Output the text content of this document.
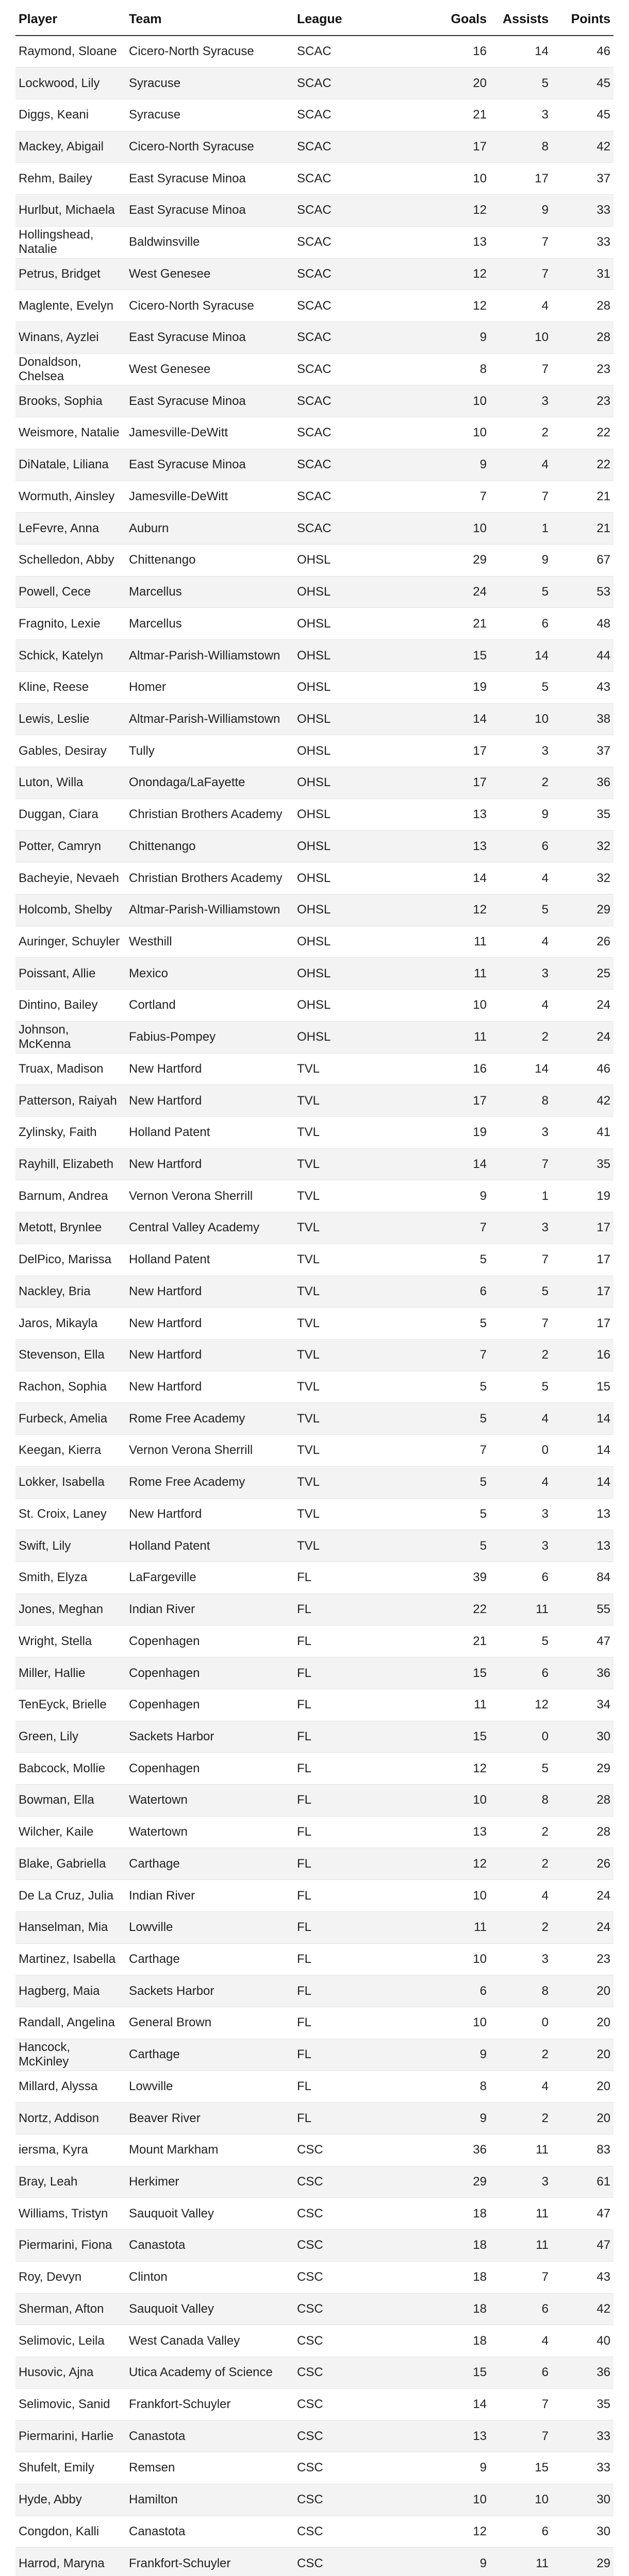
Player	Team	League	Goals	Assists	Points
Raymond, Sloane	Cicero-North Syracuse	SCAC	16	14	46
Lockwood, Lily	Syracuse	SCAC	20	5	45
Diggs, Keani	Syracuse	SCAC	21	3	45
Mackey, Abigail	Cicero-North Syracuse	SCAC	17	8	42
Rehm, Bailey	East Syracuse Minoa	SCAC	10	17	37
Hurlbut, Michaela	East Syracuse Minoa	SCAC	12	9	33
Hollingshead, Natalie	Baldwinsville	SCAC	13	7	33
Petrus, Bridget	West Genesee	SCAC	12	7	31
Maglente, Evelyn	Cicero-North Syracuse	SCAC	12	4	28
Winans, Ayzlei	East Syracuse Minoa	SCAC	9	10	28
Donaldson, Chelsea	West Genesee	SCAC	8	7	23
Brooks, Sophia	East Syracuse Minoa	SCAC	10	3	23
Weismore, Natalie	Jamesville-DeWitt	SCAC	10	2	22
DiNatale, Liliana	East Syracuse Minoa	SCAC	9	4	22
Wormuth, Ainsley	Jamesville-DeWitt	SCAC	7	7	21
LeFevre, Anna	Auburn	SCAC	10	1	21
Schelledon, Abby	Chittenango	OHSL	29	9	67
Powell, Cece	Marcellus	OHSL	24	5	53
Fragnito, Lexie	Marcellus	OHSL	21	6	48
Schick, Katelyn	Altmar-Parish-Williamstown	OHSL	15	14	44
Kline, Reese	Homer	OHSL	19	5	43
Lewis, Leslie	Altmar-Parish-Williamstown	OHSL	14	10	38
Gables, Desiray	Tully	OHSL	17	3	37
Luton, Willa	Onondaga/LaFayette	OHSL	17	2	36
Duggan, Ciara	Christian Brothers Academy	OHSL	13	9	35
Potter, Camryn	Chittenango	OHSL	13	6	32
Bacheyie, Nevaeh	Christian Brothers Academy	OHSL	14	4	32
Holcomb, Shelby	Altmar-Parish-Williamstown	OHSL	12	5	29
Auringer, Schuyler	Westhill	OHSL	11	4	26
Poissant, Allie	Mexico	OHSL	11	3	25
Dintino, Bailey	Cortland	OHSL	10	4	24
Johnson, McKenna	Fabius-Pompey	OHSL	11	2	24
Truax, Madison	New Hartford	TVL	16	14	46
Patterson, Raiyah	New Hartford	TVL	17	8	42
Zylinsky, Faith	Holland Patent	TVL	19	3	41
Rayhill, Elizabeth	New Hartford	TVL	14	7	35
Barnum, Andrea	Vernon Verona Sherrill	TVL	9	1	19
Metott, Brynlee	Central Valley Academy	TVL	7	3	17
DelPico, Marissa	Holland Patent	TVL	5	7	17
Nackley, Bria	New Hartford	TVL	6	5	17
Jaros, Mikayla	New Hartford	TVL	5	7	17
Stevenson, Ella	New Hartford	TVL	7	2	16
Rachon, Sophia	New Hartford	TVL	5	5	15
Furbeck, Amelia	Rome Free Academy	TVL	5	4	14
Keegan, Kierra	Vernon Verona Sherrill	TVL	7	0	14
Lokker, Isabella	Rome Free Academy	TVL	5	4	14
St. Croix, Laney	New Hartford	TVL	5	3	13
Swift, Lily	Holland Patent	TVL	5	3	13
Smith, Elyza	LaFargeville	FL	39	6	84
Jones, Meghan	Indian River	FL	22	11	55
Wright, Stella	Copenhagen	FL	21	5	47
Miller, Hallie	Copenhagen	FL	15	6	36
TenEyck, Brielle	Copenhagen	FL	11	12	34
Green, Lily	Sackets Harbor	FL	15	0	30
Babcock, Mollie	Copenhagen	FL	12	5	29
Bowman, Ella	Watertown	FL	10	8	28
Wilcher, Kaile	Watertown	FL	13	2	28
Blake, Gabriella	Carthage	FL	12	2	26
De La Cruz, Julia	Indian River	FL	10	4	24
Hanselman, Mia	Lowville	FL	11	2	24
Martinez, Isabella	Carthage	FL	10	3	23
Hagberg, Maia	Sackets Harbor	FL	6	8	20
Randall, Angelina	General Brown	FL	10	0	20
Hancock, McKinley	Carthage	FL	9	2	20
Millard, Alyssa	Lowville	FL	8	4	20
Nortz, Addison	Beaver River	FL	9	2	20
iersma, Kyra	Mount Markham	CSC	36	11	83
Bray, Leah	Herkimer	CSC	29	3	61
Williams, Tristyn	Sauquoit Valley	CSC	18	11	47
Piermarini, Fiona	Canastota	CSC	18	11	47
Roy, Devyn	Clinton	CSC	18	7	43
Sherman, Afton	Sauquoit Valley	CSC	18	6	42
Selimovic, Leila	West Canada Valley	CSC	18	4	40
Husovic, Ajna	Utica Academy of Science	CSC	15	6	36
Selimovic, Sanid	Frankfort-Schuyler	CSC	14	7	35
Piermarini, Harlie	Canastota	CSC	13	7	33
Shufelt, Emily	Remsen	CSC	9	15	33
Hyde, Abby	Hamilton	CSC	10	10	30
Congdon, Kalli	Canastota	CSC	12	6	30
Harrod, Maryna	Frankfort-Schuyler	CSC	9	11	29
